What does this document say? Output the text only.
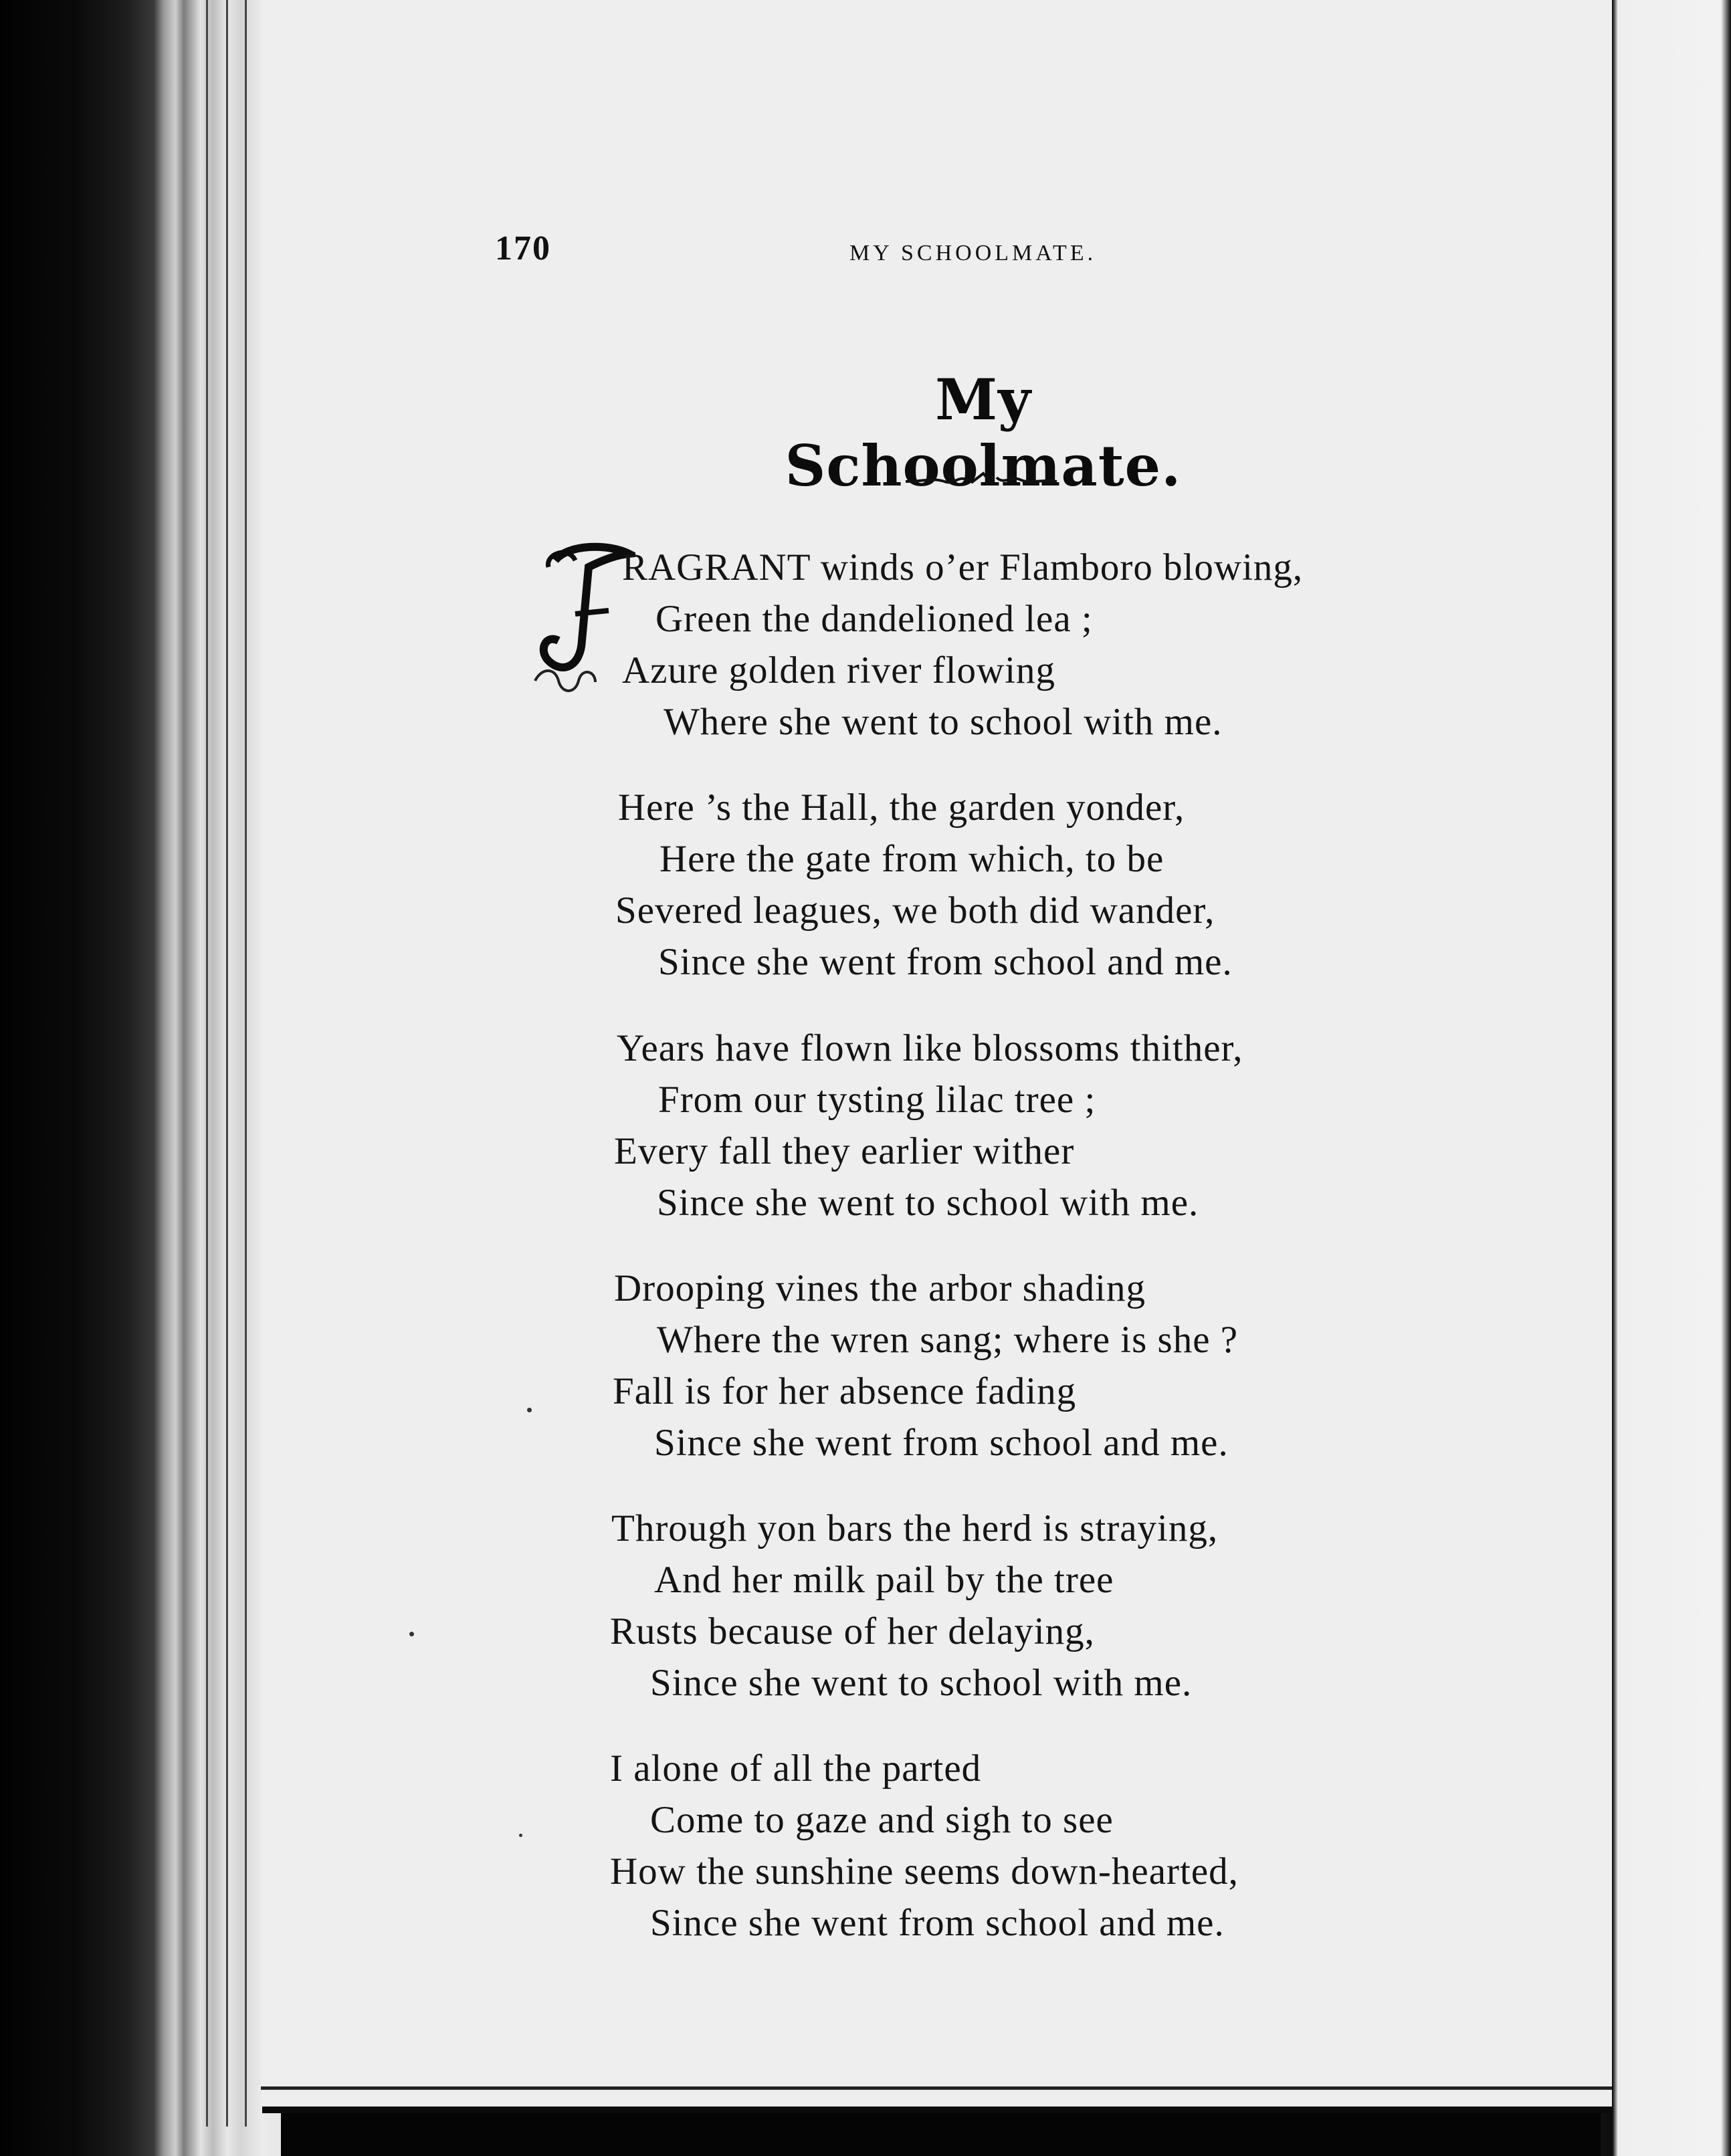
170	MY SCHOOLMATE.
My Schoolmate.
RAGRANT winds o’er Flamboro blowing,
Green the dandelioned lea ;
Azure golden river flowing
Where she went to school with me.
Here ’s the Hall, the garden yonder,
Here the gate from which, to be
Severed leagues, we both did wander,
Since she went from school and me.
Years have flown like blossoms thither,
From our tysting lilac tree ;
Every fall they earlier wither
Since she went to school with me.
Drooping vines the arbor shading
Where the wren sang; where is she ?
Fall is for her absence fading
Since she went from school and me.
Through yon bars the herd is straying,
And her milk pail by the tree
Rusts because of her delaying,
Since she went to school with me.
I alone of all the parted
Come to gaze and sigh to see
How the sunshine seems down-hearted,
Since she went from school and me.
